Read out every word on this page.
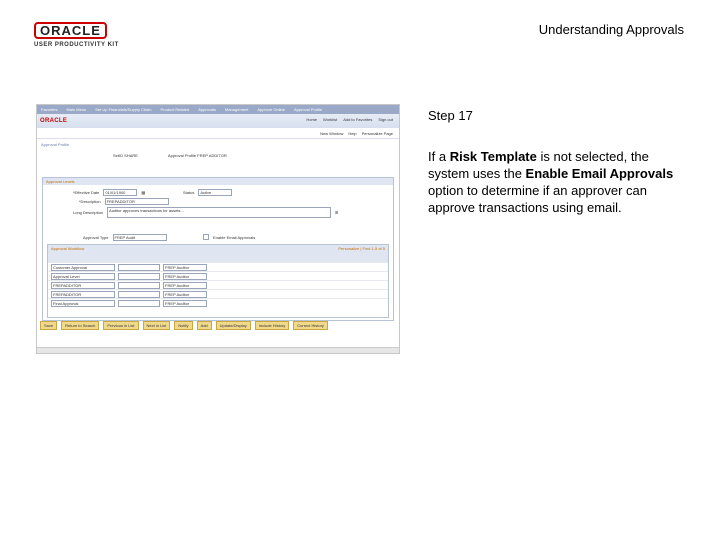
ORACLE
USER PRODUCTIVITY KIT
Understanding Approvals
Favorites Main Menu Set Up Financials/Supply Chain Product Related Approvals Management Approve Online Approval Profile
ORACLE	Home Worklist Add to Favorites Sign out
New Window Help Personalize Page
Approval Profile
SetID SHARE	Approval Profile FREP ADDITOR
Approval Levels
*Effective Date	01/01/1900	▦	Status	Active
*Description	FREPADDITOR
Long Description	Auditor approves transactions for assets...	⊞
Approval Type	FREP Audit	Enable Email Approvals
Approval Workflow	Personalize | Find 1-5 of 5
Customer Approval	FREP Auditor
Approval Level	FREP Auditor
FREPADDITOR	FREP Auditor
FREPADDITOR	FREP Auditor
Final Approval	FREP Auditor
Save	Return to Search	Previous in List	Next in List	Notify	Add	Update/Display	Include History	Correct History
Step 17
If a Risk Template is not selected, the system uses the Enable Email Approvals option to determine if an approver can approve transactions using email.
